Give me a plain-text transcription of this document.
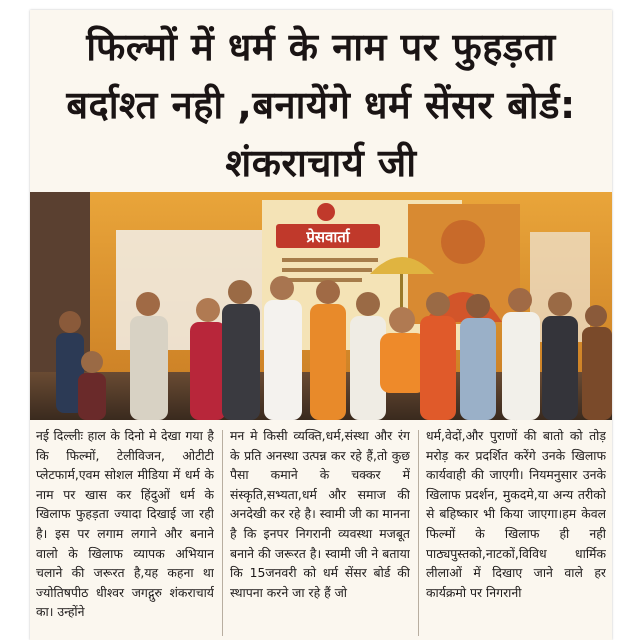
फिल्मों में धर्म के नाम पर फुहड़ता
बर्दाश्त नही ,बनायेंगे धर्म सेंसर बोर्ड:
शंकराचार्य जी
प्रेसवार्ता

नई दिल्लीः हाल के दिनो मे देखा गया है कि फिल्मों, टेलीविजन, ओटीटी प्लेटफार्म,एवम सोशल मीडिया में धर्म के नाम पर खास कर हिंदुओं धर्म के खिलाफ फुहड़ता ज्यादा दिखाई जा रही है। इस पर लगाम लगाने और बनाने वालो के खिलाफ व्यापक अभियान चलाने की जरूरत है,यह कहना था ज्योतिषपीठ धीश्वर जगद्गुरु शंकराचार्य का। उन्होंने

मन मे किसी व्यक्ति,धर्म,संस्था और रंग के प्रति अनस्था उत्पन्न कर रहे हैं,तो कुछ पैसा कमाने के चक्कर में संस्कृति,सभ्यता,धर्म और समाज की अनदेखी कर रहे है। स्वामी जी का मानना है कि इनपर निगरानी व्यवस्था मजबूत बनाने की जरूरत है। स्वामी जी ने बताया कि 15जनवरी को धर्म सेंसर बोर्ड की स्थापना करने जा रहे हैं जो

धर्म,वेदों,और पुराणों की बातो को तोड़ मरोड़ कर प्रदर्शित करेंगे उनके खिलाफ कार्यवाही की जाएगी। नियमनुसार उनके खिलाफ प्रदर्शन, मुकदमे,या अन्य तरीको से बहिष्कार भी किया जाएगा।हम केवल फिल्मों के खिलाफ ही नही पाठ्यपुस्तको,नाटकों,विविध धार्मिक लीलाओं में दिखाए जाने वाले हर कार्यक्रमो पर निगरानी
